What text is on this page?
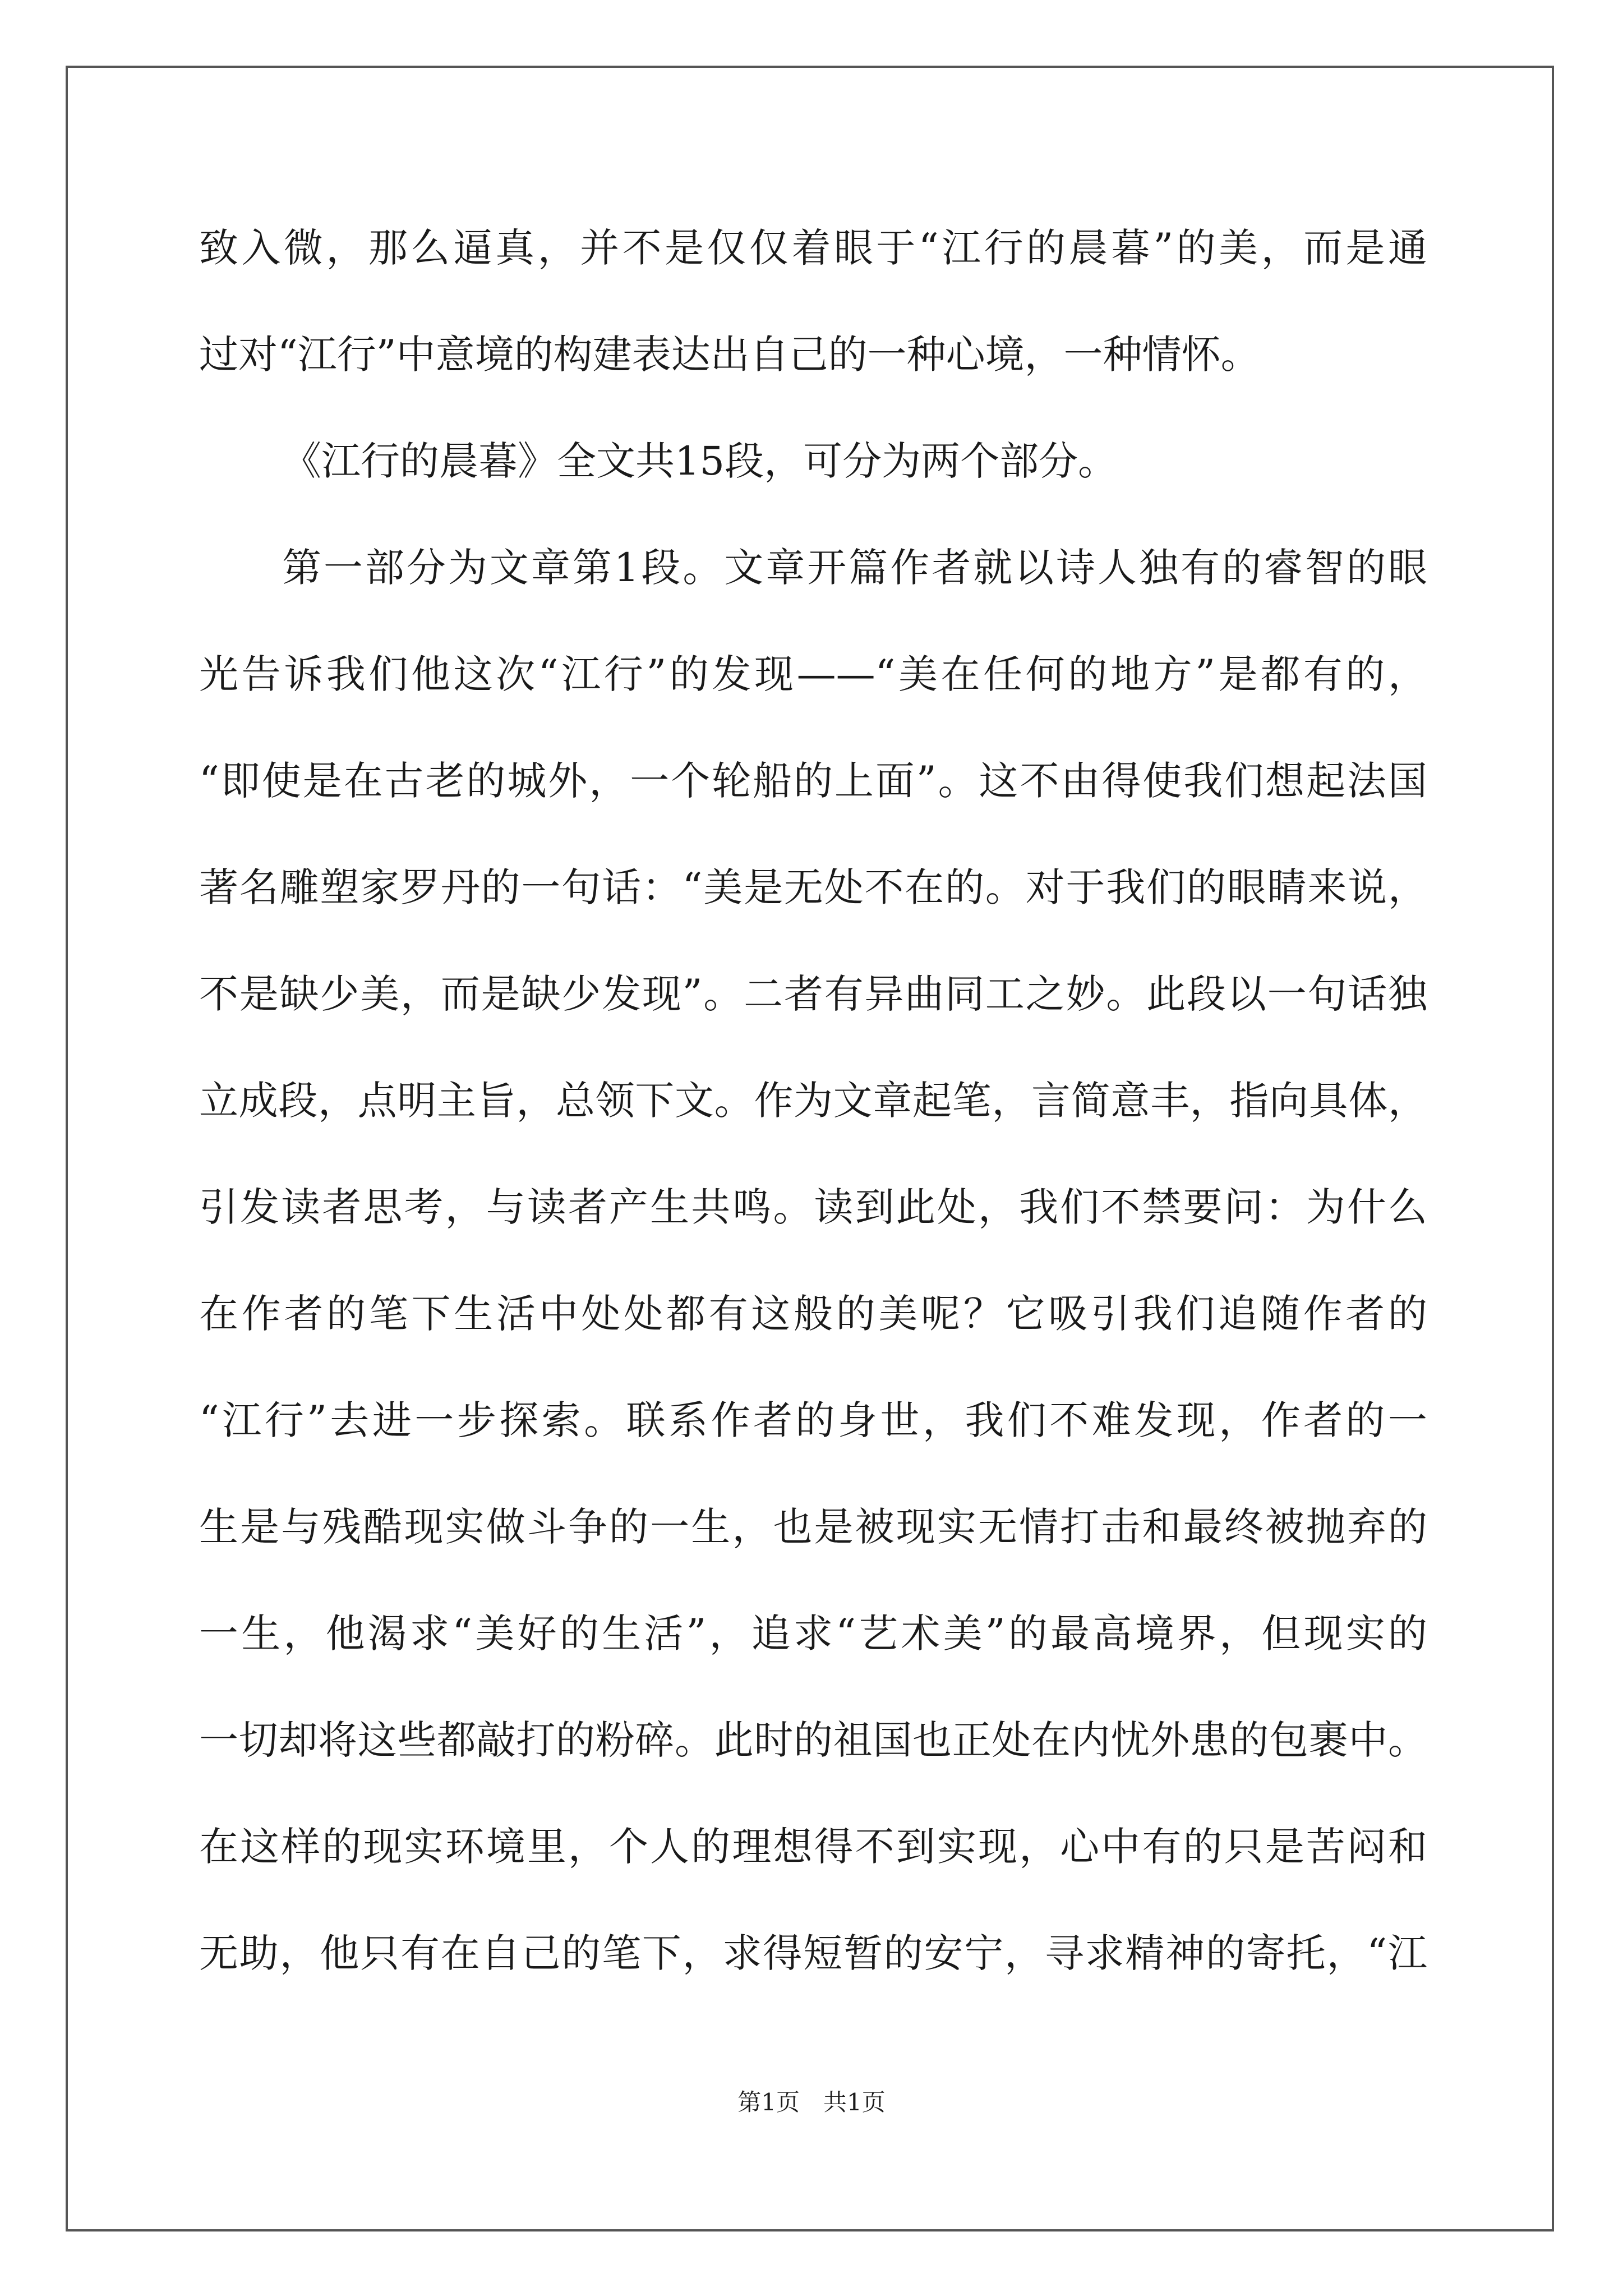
致入微，那么逼真，并不是仅仅着眼于“江行的晨暮”的美，而是通
过对“江行”中意境的构建表达出自己的一种心境，一种情怀。
《江行的晨暮》全文共15段，可分为两个部分。
第一部分为文章第1段。文章开篇作者就以诗人独有的睿智的眼
光告诉我们他这次“江行”的发现——“美在任何的地方”是都有的，
“即使是在古老的城外，一个轮船的上面”。这不由得使我们想起法国
著名雕塑家罗丹的一句话：“美是无处不在的。对于我们的眼睛来说，
不是缺少美，而是缺少发现”。二者有异曲同工之妙。此段以一句话独
立成段，点明主旨，总领下文。作为文章起笔，言简意丰，指向具体，
引发读者思考，与读者产生共鸣。读到此处，我们不禁要问：为什么
在作者的笔下生活中处处都有这般的美呢？它吸引我们追随作者的
“江行”去进一步探索。联系作者的身世，我们不难发现，作者的一
生是与残酷现实做斗争的一生，也是被现实无情打击和最终被抛弃的
一生，他渴求“美好的生活”，追求“艺术美”的最高境界，但现实的
一切却将这些都敲打的粉碎。此时的祖国也正处在内忧外患的包裹中。
在这样的现实环境里，个人的理想得不到实现，心中有的只是苦闷和
无助，他只有在自己的笔下，求得短暂的安宁，寻求精神的寄托，“江
第1页　共1页
